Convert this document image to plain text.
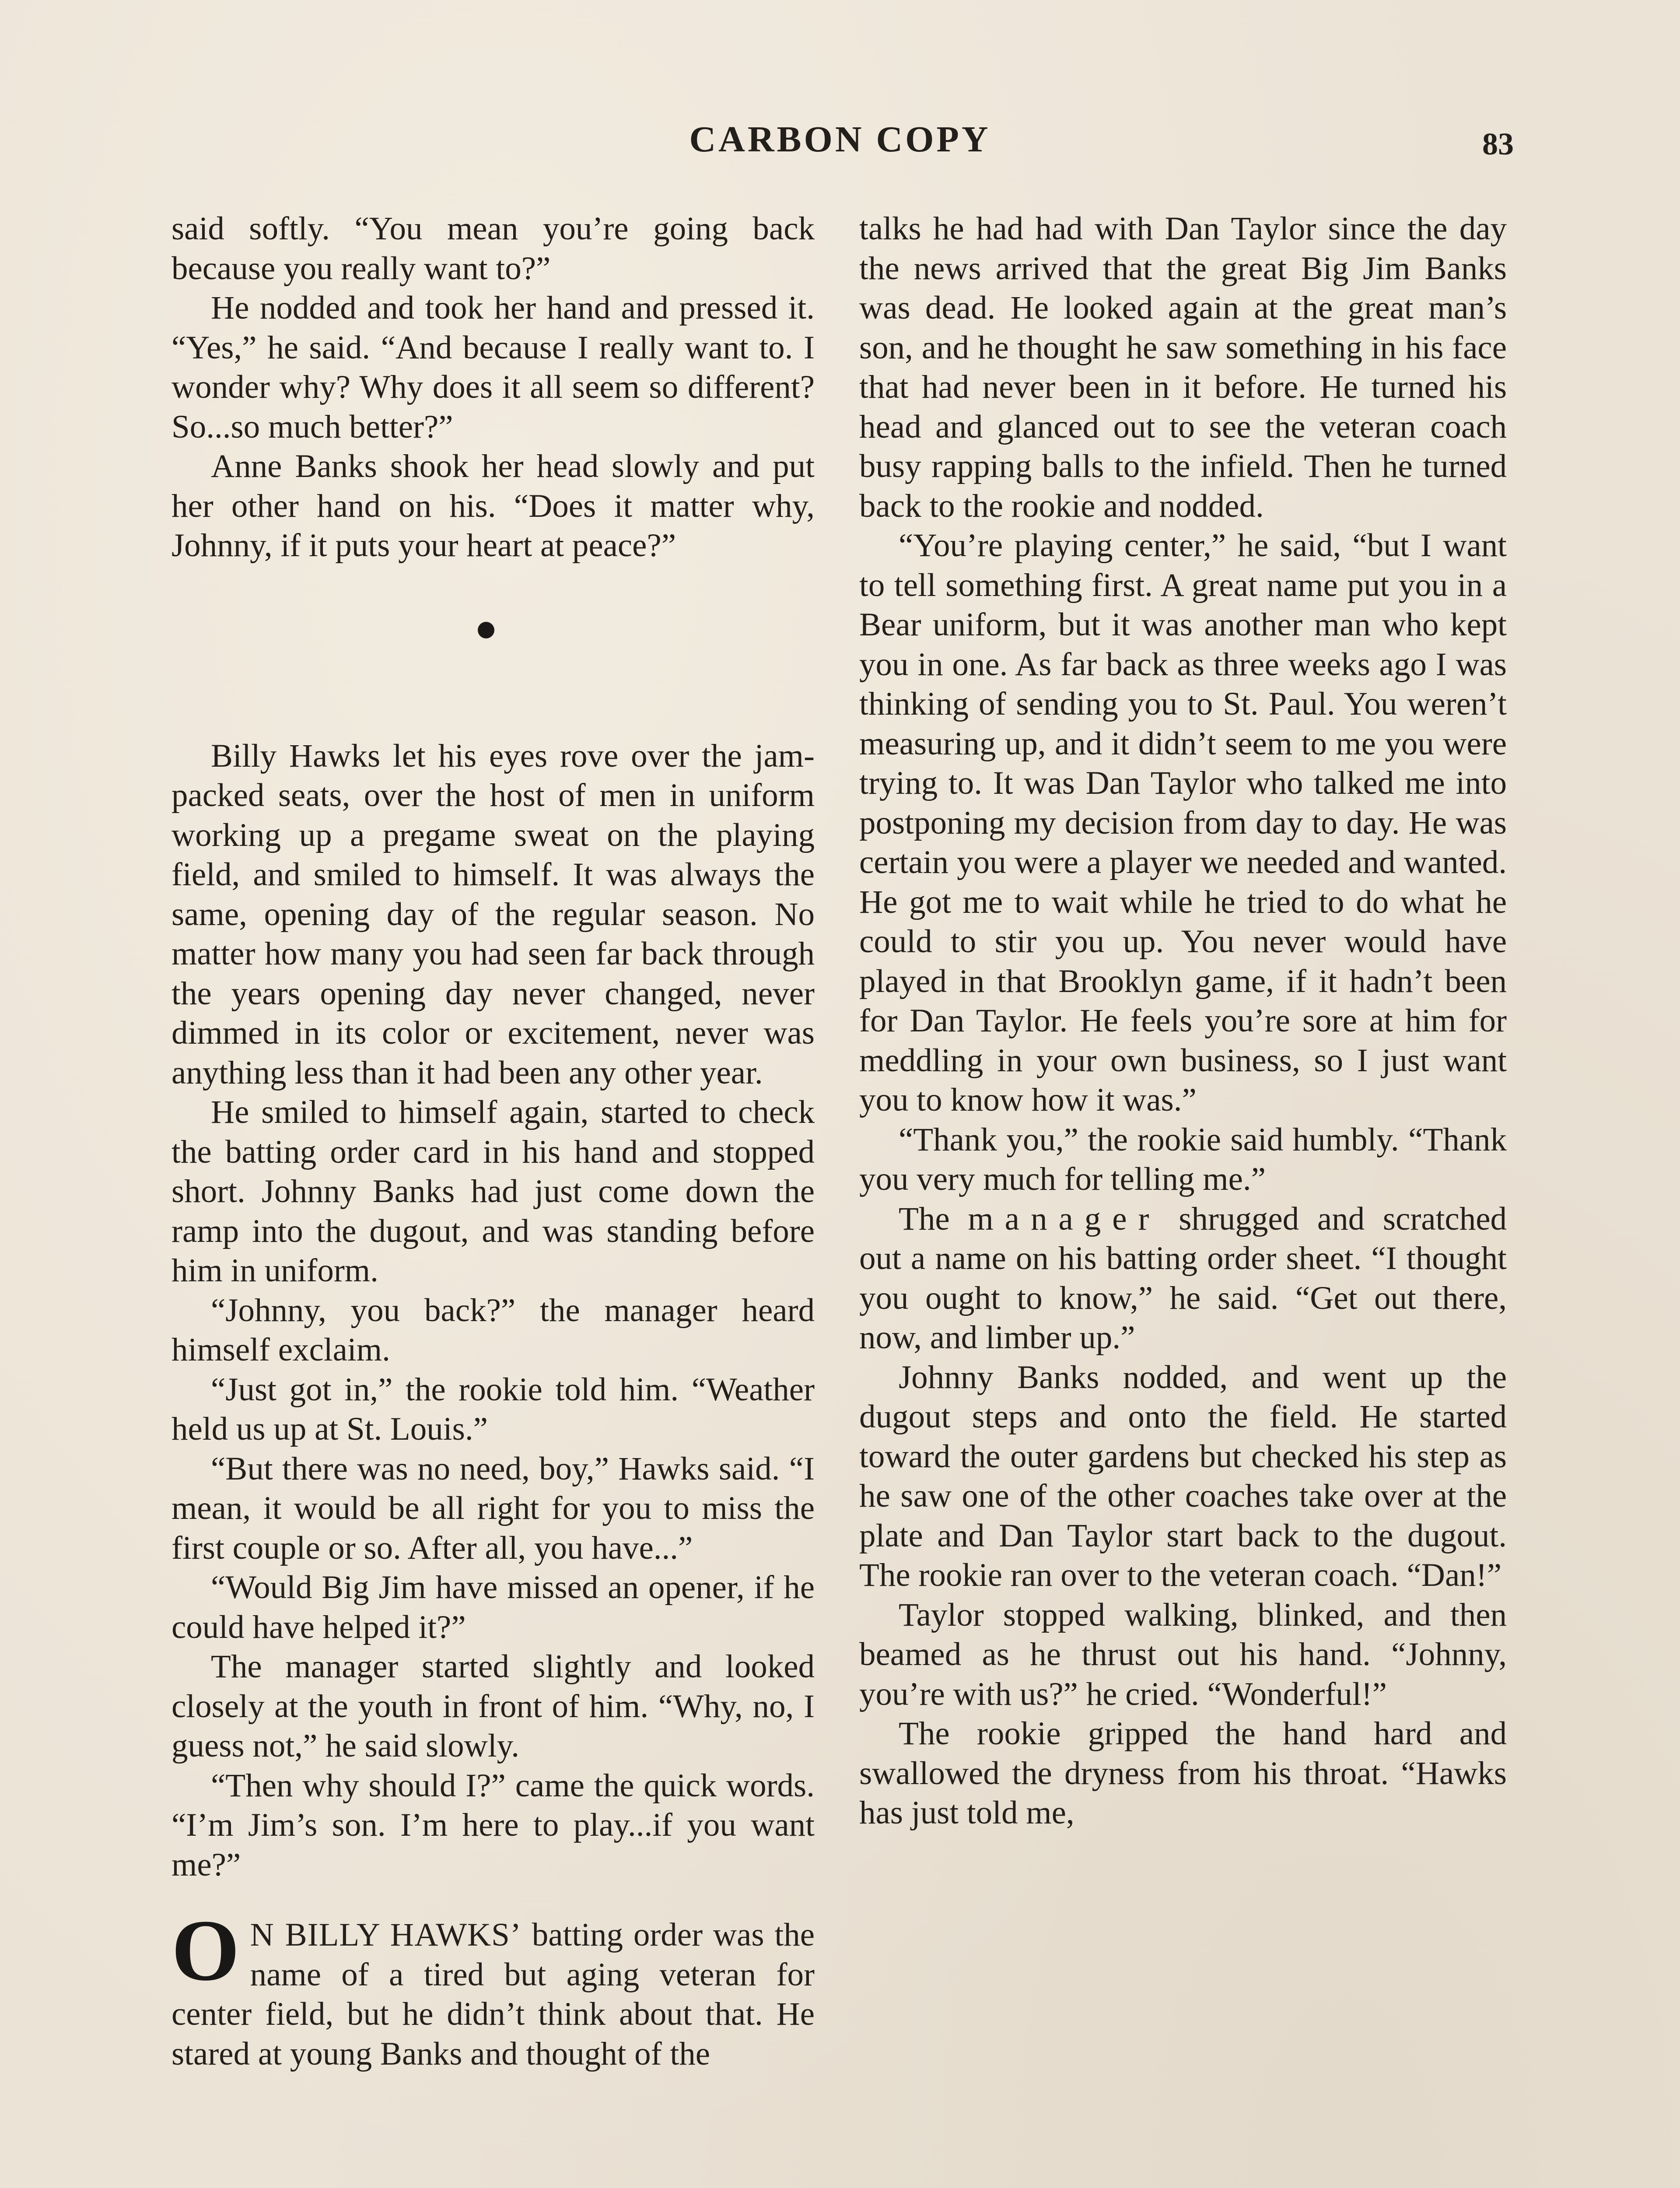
CARBON COPY	83

said softly. “You mean you’re going back because you really want to?”

He nodded and took her hand and pressed it. “Yes,” he said. “And because I really want to. I wonder why? Why does it all seem so different? So...so much better?”

Anne Banks shook her head slowly and put her other hand on his. “Does it matter why, Johnny, if it puts your heart at peace?”

Billy Hawks let his eyes rove over the jam-packed seats, over the host of men in uniform working up a pregame sweat on the playing field, and smiled to himself. It was always the same, opening day of the regular season. No matter how many you had seen far back through the years opening day never changed, never dimmed in its color or excitement, never was anything less than it had been any other year.

He smiled to himself again, started to check the batting order card in his hand and stopped short. Johnny Banks had just come down the ramp into the dugout, and was standing before him in uniform.

“Johnny, you back?” the manager heard himself exclaim.

“Just got in,” the rookie told him. “Weather held us up at St. Louis.”

“But there was no need, boy,” Hawks said. “I mean, it would be all right for you to miss the first couple or so. After all, you have...”

“Would Big Jim have missed an opener, if he could have helped it?”

The manager started slightly and looked closely at the youth in front of him. “Why, no, I guess not,” he said slowly.

“Then why should I?” came the quick words. “I’m Jim’s son. I’m here to play...if you want me?”

O N BILLY HAWKS’ batting order was the name of a tired but aging veteran for center field, but he didn’t think about that. He stared at young Banks and thought of the

talks he had had with Dan Taylor since the day the news arrived that the great Big Jim Banks was dead. He looked again at the great man’s son, and he thought he saw something in his face that had never been in it before. He turned his head and glanced out to see the veteran coach busy rapping balls to the infield. Then he turned back to the rookie and nodded.

“You’re playing center,” he said, “but I want to tell something first. A great name put you in a Bear uniform, but it was another man who kept you in one. As far back as three weeks ago I was thinking of sending you to St. Paul. You weren’t measuring up, and it didn’t seem to me you were trying to. It was Dan Taylor who talked me into postponing my decision from day to day. He was certain you were a player we needed and wanted. He got me to wait while he tried to do what he could to stir you up. You never would have played in that Brooklyn game, if it hadn’t been for Dan Taylor. He feels you’re sore at him for meddling in your own business, so I just want you to know how it was.”

“Thank you,” the rookie said humbly. “Thank you very much for telling me.”

The manager shrugged and scratched out a name on his batting order sheet. “I thought you ought to know,” he said. “Get out there, now, and limber up.”

Johnny Banks nodded, and went up the dugout steps and onto the field. He started toward the outer gardens but checked his step as he saw one of the other coaches take over at the plate and Dan Taylor start back to the dugout. The rookie ran over to the veteran coach. “Dan!”

Taylor stopped walking, blinked, and then beamed as he thrust out his hand. “Johnny, you’re with us?” he cried. “Wonderful!”

The rookie gripped the hand hard and swallowed the dryness from his throat. “Hawks has just told me,
